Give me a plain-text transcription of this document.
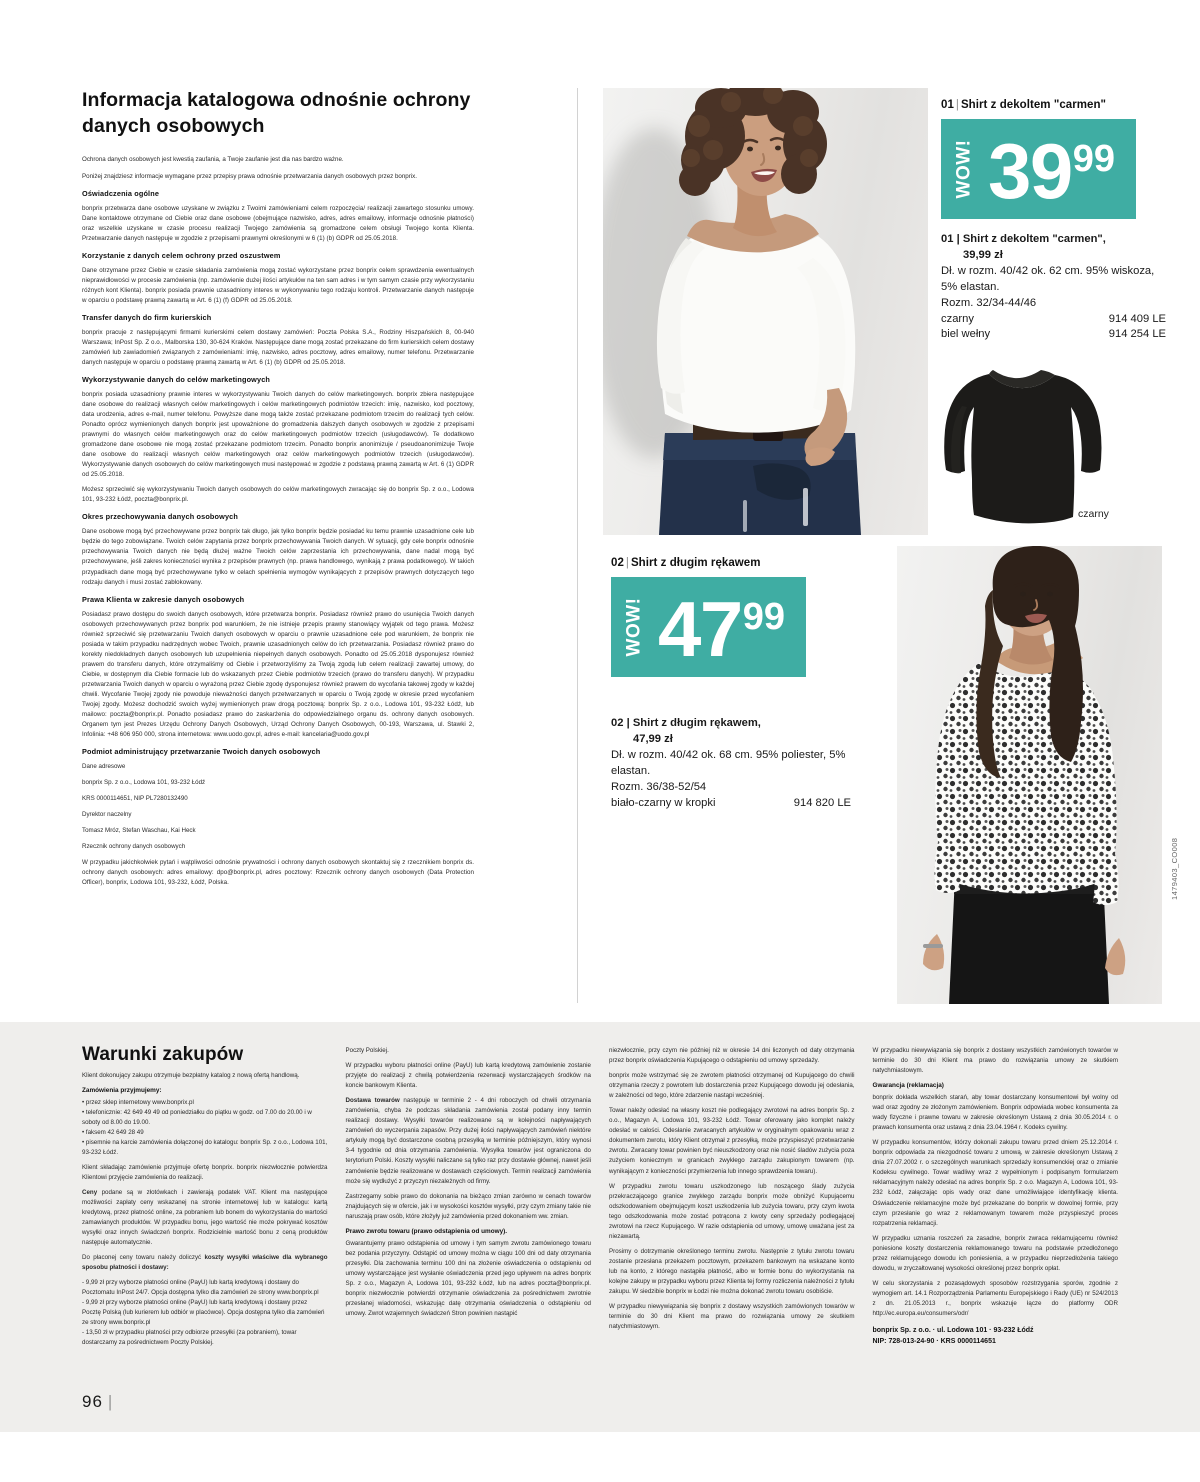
Informacja katalogowa odnośnie ochrony danych osobowych

Ochrona danych osobowych jest kwestią zaufania, a Twoje zaufanie jest dla nas bardzo ważne.

Poniżej znajdziesz informacje wymagane przez przepisy prawa odnośnie przetwarzania danych osobowych przez bonprix.

Oświadczenia ogólne

bonprix przetwarza dane osobowe uzyskane w związku z Twoimi zamówieniami celem rozpoczęcia/ realizacji zawartego stosunku umowy. Dane kontaktowe otrzymane od Ciebie oraz dane osobowe (obejmujące nazwisko, adres, adres emailowy, informacje odnośnie płatności) oraz wszelkie uzyskane w czasie procesu realizacji Twojego zamówienia są gromadzone celem obsługi Twojego konta Klienta. Przetwarzanie danych następuje w zgodzie z przepisami prawnymi określonymi w 6 (1) (b) GDPR od 25.05.2018.

Korzystanie z danych celem ochrony przed oszustwem

Dane otrzymane przez Ciebie w czasie składania zamówienia mogą zostać wykorzystane przez bonprix celem sprawdzenia ewentualnych nieprawidłowości w procesie zamówienia (np. zamówienie dużej ilości artykułów na ten sam adres i w tym samym czasie przy wykorzystaniu różnych kont Klienta). bonprix posiada prawnie uzasadniony interes w wykonywaniu tego rodzaju kontroli. Przetwarzanie danych następuje w oparciu o podstawę prawną zawartą w Art. 6 (1) (f) GDPR od 25.05.2018.

Transfer danych do firm kurierskich

bonprix pracuje z następującymi firmami kurierskimi celem dostawy zamówień: Poczta Polska S.A., Rodziny Hiszpańskich 8, 00-940 Warszawa; InPost Sp. Z o.o., Malborska 130, 30-624 Kraków. Następujące dane mogą zostać przekazane do firm kurierskich celem dostawy zamówień lub zawiadomień związanych z zamówieniami: imię, nazwisko, adres pocztowy, adres emailowy, numer telefonu. Przetwarzanie danych następuje w oparciu o podstawę prawną zawartą w Art. 6 (1) (b) GDPR od 25.05.2018.

Wykorzystywanie danych do celów marketingowych

bonprix posiada uzasadniony prawnie interes w wykorzystywaniu Twoich danych do celów marketingowych. bonprix zbiera następujące dane osobowe do realizacji własnych celów marketingowych i celów marketingowych podmiotów trzecich: imię, nazwisko, kod pocztowy, data urodzenia, adres e-mail, numer telefonu. Powyższe dane mogą także zostać przekazane podmiotom trzecim do realizacji tych celów. Ponadto oprócz wymienionych danych bonprix jest upoważnione do gromadzenia dalszych danych osobowych w zgodzie z przepisami prawnymi do własnych celów marketingowych oraz do celów marketingowych podmiotów trzecich (usługodawców). Te dodatkowo gromadzone dane osobowe nie mogą zostać przekazane podmiotom trzecim. Ponadto bonprix anonimizuje / pseudoanonimizuje Twoje dane osobowe do realizacji własnych celów marketingowych oraz celów marketingowych podmiotów trzecich (usługodawców). Wykorzystywanie danych osobowych do celów marketingowych musi następować w zgodzie z podstawą prawną zawartą w Art. 6 (1) GDPR od 25.05.2018.

Możesz sprzeciwić się wykorzystywaniu Twoich danych osobowych do celów marketingowych zwracając się do bonprix Sp. z o.o., Lodowa 101, 93-232 Łódź, poczta@bonprix.pl.

Okres przechowywania danych osobowych

Dane osobowe mogą być przechowywane przez bonprix tak długo, jak tylko bonprix będzie posiadać ku temu prawnie uzasadnione cele lub będzie do tego zobowiązane. Twoich celów zapytania przez bonprix przechowywania Twoich danych. W sytuacji, gdy cele bonprix odnośnie przechowywania Twoich danych nie będą dłużej ważne Twoich celów zaprzestania ich przechowywania, dane nadal mogą być przechowywane, jeśli zakres konieczności wynika z przepisów prawnych (np. prawa handlowego, wynikają z prawa podatkowego). W takich przypadkach dane mogą być przechowywane tylko w celach spełnienia wymogów wynikających z przepisów prawnych dotyczących tego rodzaju danych i musi zostać zablokowany.

Prawa Klienta w zakresie danych osobowych

Posiadasz prawo dostępu do swoich danych osobowych, które przetwarza bonprix. Posiadasz również prawo do usunięcia Twoich danych osobowych przechowywanych przez bonprix pod warunkiem, że nie istnieje przepis prawny stanowiący wyjątek od tego prawa. Możesz również sprzeciwić się przetwarzaniu Twoich danych osobowych w oparciu o prawnie uzasadnione cele pod warunkiem, że bonprix nie posiada w takim przypadku nadrzędnych wobec Twoich, prawnie uzasadnionych celów do ich przetwarzania. Posiadasz również prawo do korekty niedokładnych danych osobowych lub uzupełnienia niepełnych danych osobowych. Ponadto od 25.05.2018 dysponujesz również prawem do transferu danych, które otrzymaliśmy od Ciebie i przetworzyliśmy za Twoją zgodą lub celem realizacji zawartej umowy, do Ciebie, w dostępnym dla Ciebie formacie lub do wskazanych przez Ciebie podmiotów trzecich (prawo do transferu danych). W przypadku przetwarzania Twoich danych w oparciu o wyrażoną przez Ciebie zgodę dysponujesz również prawem do wycofania takowej zgody w każdej chwili. Wycofanie Twojej zgody nie powoduje nieważności danych przetwarzanych w oparciu o Twoją zgodę w okresie przed wycofaniem Twojej zgody. Możesz dochodzić swoich wyżej wymienionych praw drogą pocztową: bonprix Sp. z o.o., Lodowa 101, 93-232 Łódź, lub mailowo: poczta@bonprix.pl. Ponadto posiadasz prawo do zaskarżenia do odpowiedzialnego organu ds. ochrony danych osobowych. Organem tym jest Prezes Urzędu Ochrony Danych Osobowych, Urząd Ochrony Danych Osobowych, 00-193, Warszawa, ul. Stawki 2, Infolinia: +48 606 950 000, strona internetowa: www.uodo.gov.pl, adres e-mail: kancelaria@uodo.gov.pl

Podmiot administrujący przetwarzanie Twoich danych osobowych

Dane adresowe

bonprix Sp. z o.o., Lodowa 101, 93-232 Łódź

KRS 0000114651, NIP PL7280132490

Dyrektor naczelny

Tomasz Mróz, Stefan Waschau, Kai Heck

Rzecznik ochrony danych osobowych

W przypadku jakichkolwiek pytań i wątpliwości odnośnie prywatności i ochrony danych osobowych skontaktuj się z rzecznikiem bonprix ds. ochrony danych osobowych: adres emailowy: dpo@bonprix.pl, adres pocztowy: Rzecznik ochrony danych osobowych (Data Protection Officer), bonprix, Lodowa 101, 93-232, Łódź, Polska.

01 | Shirt z dekoltem "carmen"
WOW! 39 99
01 | Shirt z dekoltem "carmen",
39,99 zł
Dł. w rozm. 40/42 ok. 62 cm. 95% wiskoza, 5% elastan.
Rozm. 32/34-44/46
czarny	914 409 LE
biel wełny	914 254 LE
czarny
02 | Shirt z długim rękawem
WOW! 47 99
02 | Shirt z długim rękawem,
47,99 zł
Dł. w rozm. 40/42 ok. 68 cm. 95% poliester, 5% elastan.
Rozm. 36/38-52/54
biało-czarny w kropki	914 820 LE
1479403_CO008
Warunki zakupów

Klient dokonujący zakupu otrzymuje bezpłatny katalog z nową ofertą handlową.

Zamówienia przyjmujemy:

• przez sklep internetowy www.bonprix.pl

• telefonicznie: 42 649 49 49 od poniedziałku do piątku w godz. od 7.00 do 20.00 i w soboty od 8.00 do 19.00.

• faksem 42 649 28 49

• pisemnie na karcie zamówienia dołączonej do katalogu: bonprix Sp. z o.o., Lodowa 101, 93-232 Łódź.

Klient składając zamówienie przyjmuje ofertę bonprix. bonprix niezwłocznie potwierdza Klientowi przyjęcie zamówienia do realizacji.

Ceny podane są w złotówkach i zawierają podatek VAT. Klient ma następujące możliwości zapłaty ceny wskazanej na stronie internetowej lub w katalogu: kartą kredytową, przez płatność online, za pobraniem lub bonem do wykorzystania do wartości zamawianych produktów. W przypadku bonu, jego wartość nie może pokrywać kosztów wysyłki oraz innych świadczeń bonprix. Rodzicielnie wartość bonu z ceną produktów następuje automatycznie.

Do płaconej ceny towaru należy doliczyć koszty wysyłki właściwe dla wybranego sposobu płatności i dostawy:

- 9,99 zł przy wyborze płatności online (PayU) lub kartą kredytową i dostawy do Pocztomatu InPost 24/7. Opcja dostępna tylko dla zamówień ze strony www.bonprix.pl

- 9,99 zł przy wyborze płatności online (PayU) lub kartą kredytową i dostawy przez Pocztę Polską (lub kurierem lub odbiór w placówce). Opcja dostępna tylko dla zamówień ze strony www.bonprix.pl

- 13,50 zł w przypadku płatności przy odbiorze przesyłki (za pobraniem), towar dostarczamy za pośrednictwem Poczty Polskiej.

Poczty Polskiej.

W przypadku wyboru płatności online (PayU) lub kartą kredytową zamówienie zostanie przyjęte do realizacji z chwilą potwierdzenia rezerwacji wystarczających środków na koncie bankowym Klienta.

Dostawa towarów następuje w terminie 2 - 4 dni roboczych od chwili otrzymania zamówienia, chyba że podczas składania zamówienia został podany inny termin realizacji dostawy. Wysyłki towarów realizowane są w kolejności napływających zamówień do wyczerpania zapasów. Przy dużej ilości napływających zamówień niektóre artykuły mogą być dostarczone osobną przesyłką w terminie późniejszym, który wynosi 3-4 tygodnie od dnia otrzymania zamówienia. Wysyłka towarów jest ograniczona do terytorium Polski. Koszty wysyłki naliczane są tylko raz przy dostawie głównej, nawet jeśli zamówienie będzie realizowane w dostawach częściowych. Termin realizacji zamówienia może się wydłużyć z przyczyn niezależnych od firmy.

Zastrzegamy sobie prawo do dokonania na bieżąco zmian zarówno w cenach towarów znajdujących się w ofercie, jak i w wysokości kosztów wysyłki, przy czym zmiany takie nie naruszają praw osób, które złożyły już zamówienia przed dokonaniem ww. zmian.

Prawo zwrotu towaru (prawo odstąpienia od umowy).

Gwarantujemy prawo odstąpienia od umowy i tym samym zwrotu zamówionego towaru bez podania przyczyny. Odstąpić od umowy można w ciągu 100 dni od daty otrzymania przesyłki. Dla zachowania terminu 100 dni na złożenie oświadczenia o odstąpieniu od umowy wystarczające jest wysłanie oświadczenia przed jego upływem na adres bonprix Sp. z o.o., Magazyn A, Lodowa 101, 93-232 Łódź, lub na adres poczta@bonprix.pl. bonprix niezwłocznie potwierdzi otrzymanie oświadczenia za pośrednictwem zwrotnie przesłanej wiadomości, wskazując datę otrzymania oświadczenia o odstąpieniu od umowy. Zwrot wzajemnych świadczeń Stron powinien nastąpić

niezwłocznie, przy czym nie później niż w okresie 14 dni liczonych od daty otrzymania przez bonprix oświadczenia Kupującego o odstąpieniu od umowy sprzedaży.

bonprix może wstrzymać się ze zwrotem płatności otrzymanej od Kupującego do chwili otrzymania rzeczy z powrotem lub dostarczenia przez Kupującego dowodu jej odesłania, w zależności od tego, które zdarzenie nastąpi wcześniej.

Towar należy odesłać na własny koszt nie podlegający zwrotowi na adres bonprix Sp. z o.o., Magazyn A, Lodowa 101, 93-232 Łódź. Towar oferowany jako komplet należy odesłać w całości. Odesłanie zwracanych artykułów w oryginalnym opakowaniu wraz z dokumentem zwrotu, który Klient otrzymał z przesyłką, może przyspieszyć przetwarzanie zwrotu. Zwracany towar powinien być nieuszkodzony oraz nie nosić śladów zużycia poza zużyciem koniecznym w granicach zwykłego zarządu zakupionym towarem (np. wynikającym z konieczności przymierzenia lub innego sprawdzenia towaru).

W przypadku zwrotu towaru uszkodzonego lub noszącego ślady zużycia przekraczającego granice zwykłego zarządu bonprix może obniżyć Kupującemu odszkodowaniem obejmującym koszt uszkodzenia lub zużycia towaru, przy czym kwota tego odszkodowania może zostać potrącona z kwoty ceny sprzedaży podlegającej zwrotowi na rzecz Kupującego. W razie odstąpienia od umowy, umowę uważana jest za niezawartą.

Prosimy o dotrzymanie określonego terminu zwrotu. Następnie z tytułu zwrotu towaru zostanie przesłana przekazem pocztowym, przekazem bankowym na wskazane konto lub na konto, z którego nastąpiła płatność, albo w formie bonu do wykorzystania na kolejne zakupy w przypadku wyboru przez Klienta tej formy rozliczenia należności z tytułu zakupu. W siedzibie bonprix w Łodzi nie można dokonać zwrotu towaru osobiście.

W przypadku niewywiązania się bonprix z dostawy wszystkich zamówionych towarów w terminie do 30 dni Klient ma prawo do rozwiązania umowy ze skutkiem natychmiastowym.

W przypadku niewywiązania się bonprix z dostawy wszystkich zamówionych towarów w terminie do 30 dni Klient ma prawo do rozwiązania umowy ze skutkiem natychmiastowym.

Gwarancja (reklamacja)

bonprix dokłada wszelkich starań, aby towar dostarczany konsumentowi był wolny od wad oraz zgodny ze złożonym zamówieniem. Bonprix odpowiada wobec konsumenta za wady fizyczne i prawne towaru w zakresie określonym Ustawą z dnia 30.05.2014 r. o prawach konsumenta oraz ustawą z dnia 23.04.1964 r. Kodeks cywilny.

W przypadku konsumentów, którzy dokonali zakupu towaru przed dniem 25.12.2014 r. bonprix odpowiada za niezgodność towaru z umową, w zakresie określonym Ustawą z dnia 27.07.2002 r. o szczególnych warunkach sprzedaży konsumenckiej oraz o zmianie Kodeksu cywilnego. Towar wadliwy wraz z wypełnionym i podpisanym formularzem reklamacyjnym należy odesłać na adres bonprix Sp. z o.o. Magazyn A, Lodowa 101, 93-232 Łódź, załączając opis wady oraz dane umożliwiające identyfikację klienta. Oświadczenie reklamacyjne może być przekazane do bonprix w dowolnej formie, przy czym przesłanie go wraz z reklamowanym towarem może przyspieszyć proces rozpatrzenia reklamacji.

W przypadku uznania roszczeń za zasadne, bonprix zwraca reklamującemu również poniesione koszty dostarczenia reklamowanego towaru na podstawie przedłożonego przez reklamującego dowodu ich poniesienia, a w przypadku nieprzedłożenia takiego dowodu, w zryczałtowanej wysokości określonej przez bonprix opłat.

W celu skorzystania z pozasądowych sposobów rozstrzygania sporów, zgodnie z wymogiem art. 14.1 Rozporządzenia Parlamentu Europejskiego i Rady (UE) nr 524/2013 z dn. 21.05.2013 r., bonprix wskazuje łącze do platformy ODR http://ec.europa.eu/consumers/odr/

bonprix Sp. z o.o. · ul. Lodowa 101 · 93-232 Łódź
NIP: 728-013-24-90 · KRS 0000114651
96 |
